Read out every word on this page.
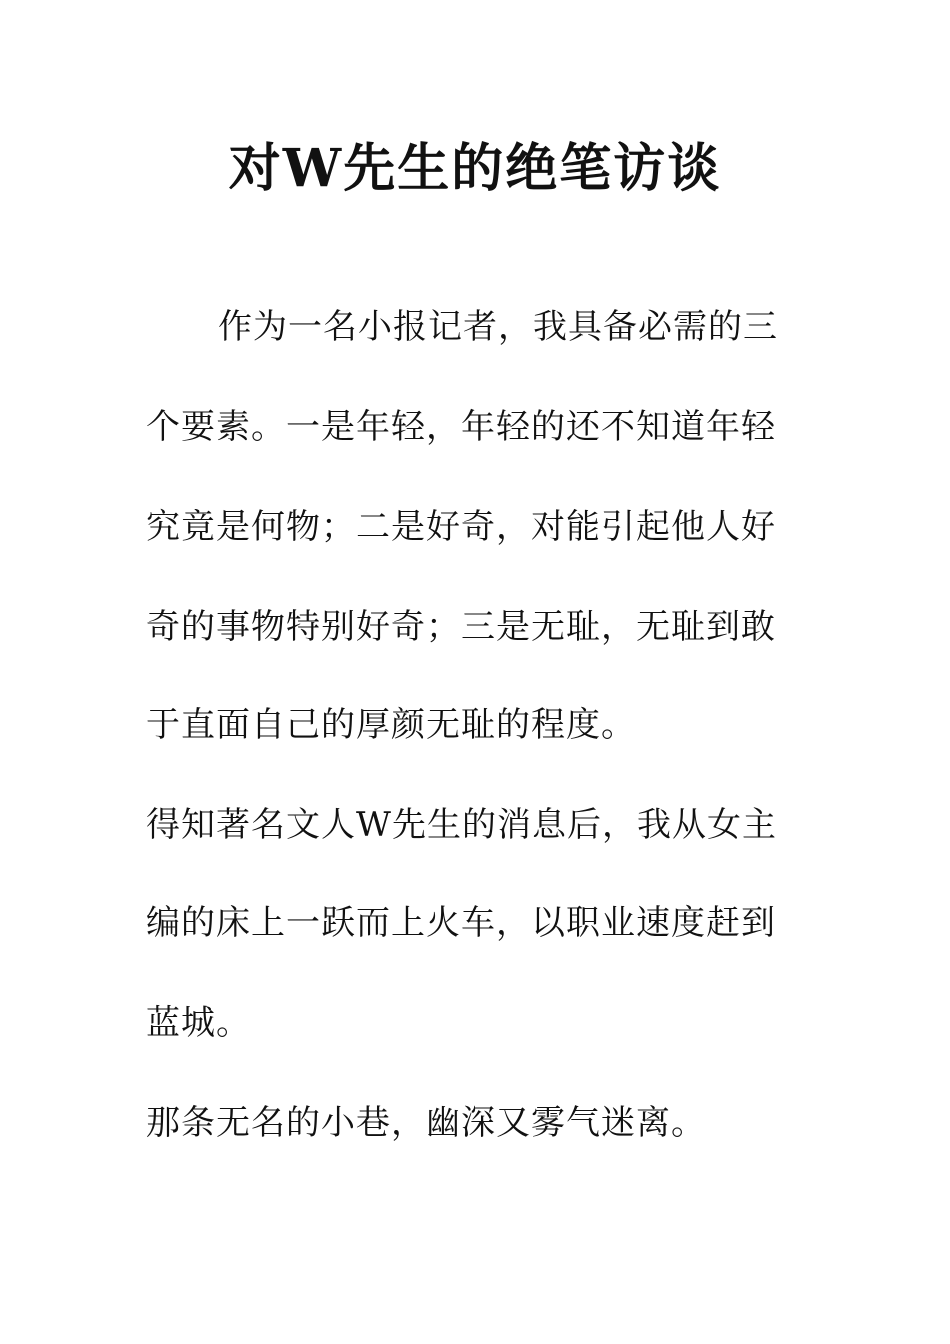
对W先生的绝笔访谈

作为一名小报记者，我具备必需的三

个要素。一是年轻，年轻的还不知道年轻

究竟是何物；二是好奇，对能引起他人好

奇的事物特别好奇；三是无耻，无耻到敢

于直面自己的厚颜无耻的程度。

得知著名文人W先生的消息后，我从女主

编的床上一跃而上火车，以职业速度赶到

蓝城。

那条无名的小巷，幽深又雾气迷离。
